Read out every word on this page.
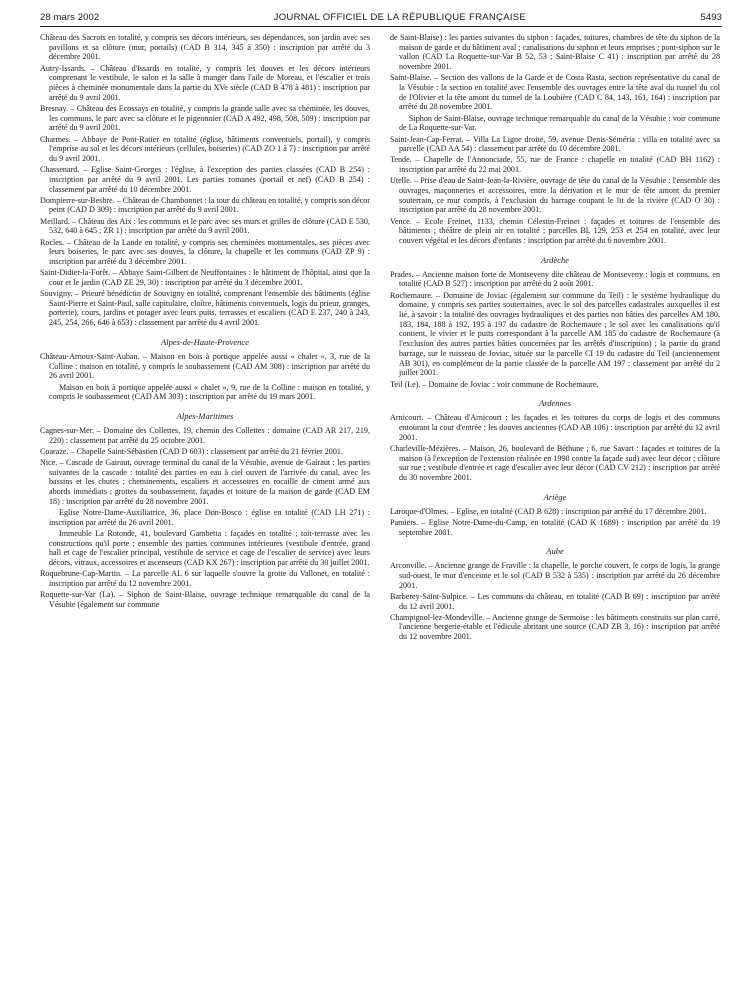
28 mars 2002	JOURNAL OFFICIEL DE LA RÉPUBLIQUE FRANÇAISE	5493

Château des Sacrots en totalité, y compris ses décors intérieurs, ses dépendances, son jardin avec ses pavillons et sa clôture (mur, portails) (CAD B 314, 345 à 350) : inscription par arrêté du 3 décembre 2001.

Autry-Issards. – Château d'Issards en totalité, y compris les douves et les décors intérieurs comprenant le vestibule, le salon et la salle à manger dans l'aile de Moreau, et l'escalier et trois pièces à cheminée monumentale dans la partie du XVe siècle (CAD B 478 à 481) : inscription par arrêté du 9 avril 2001.

Bresnay. – Château des Ecossays en totalité, y compris la grande salle avec sa cheminée, les douves, les communs, le parc avec sa clôture et le pigeonnier (CAD A 492, 498, 508, 509) : inscription par arrêté du 9 avril 2001.

Charmes. – Abbaye de Pont-Ratier en totalité (église, bâtiments conventuels, portail), y compris l'emprise au sol et les décors intérieurs (cellules, boiseries) (CAD ZO 1 à 7) : inscription par arrêté du 9 avril 2001.

Chassenard. – Eglise Saint-Georges : l'église, à l'exception des parties classées (CAD B 254) : inscription par arrêté du 9 avril 2001. Les parties romanes (portail et nef) (CAD B 254) : classement par arrêté du 10 décembre 2001.

Dompierre-sur-Besbre. – Château de Chambonnet : la tour du château en totalité, y compris son décor peint (CAD D 309) : inscription par arrêté du 9 avril 2001.

Meillard. – Château des Aix : les communs et le parc avec ses murs et grilles de clôture (CAD E 530, 532, 640 à 645 ; ZR 1) : inscription par arrêté du 9 avril 2001.

Rocles. – Château de la Lande en totalité, y compris ses cheminées monumentales, ses pièces avec leurs boiseries, le parc avec ses douves, la clôture, la chapelle et les communs (CAD ZP 9) : inscription par arrêté du 3 décembre 2001.

Saint-Didier-la-Forêt. – Abbaye Saint-Gilbert de Neuffontaines : le bâtiment de l'hôpital, ainsi que la cour et le jardin (CAD ZE 29, 30) : inscription par arrêté du 3 décembre 2001.

Souvigny. – Prieuré bénédictin de Souvigny en totalité, comprenant l'ensemble des bâtiments (église Saint-Pierre et Saint-Paul, salle capitulaire, cloître, bâtiments conventuels, logis du prieur, granges, porterie), cours, jardins et potager avec leurs puits, terrasses et escaliers (CAD E 237, 240 à 243, 245, 254, 266, 646 à 653) : classement par arrêté du 4 avril 2001.

Alpes-de-Haute-Provence

Château-Arnoux-Saint-Auban. – Maison en bois à portique appelée aussi « chalet », 3, rue de la Colline : maison en totalité, y compris le soubassement (CAD AM 308) : inscription par arrêté du 26 avril 2001.

Maison en bois à portique appelée aussi « chalet », 9, rue de la Colline : maison en totalité, y compris le soubassement (CAD AM 303) : inscription par arrêté du 19 mars 2001.

Alpes-Maritimes

Cagnes-sur-Mer. – Domaine des Collettes, 19, chemin des Collettes : domaine (CAD AR 217, 219, 220) : classement par arrêté du 25 octobre 2001.

Coaraze. – Chapelle Saint-Sébastien (CAD D 603) : classement par arrêté du 21 février 2001.

Nice. – Cascade de Gairaut, ouvrage terminal du canal de la Vésubie, avenue de Gairaut : les parties suivantes de la cascade : totalité des parties en eau à ciel ouvert de l'arrivée du canal, avec les bassins et les chutes ; cheminements, escaliers et accessoires en rocaille de ciment armé aux abords immédiats ; grottes du soubassement, façades et toiture de la maison de garde (CAD EM 18) : inscription par arrêté du 28 novembre 2001.

Eglise Notre-Dame-Auxiliatrice, 36, place Don-Bosco : église en totalité (CAD LH 271) : inscription par arrêté du 26 avril 2001.

Immeuble La Rotonde, 41, boulevard Gambetta : façades en totalité ; toit-terrasse avec les constructions qu'il porte ; ensemble des parties communes intérieures (vestibule d'entrée, grand hall et cage de l'escalier principal, vestibule de service et cage de l'escalier de service) avec leurs décors, vitraux, accessoires et ascenseurs (CAD KX 267) : inscription par arrêté du 30 juillet 2001.

Roquebrune-Cap-Martin. – La parcelle AL 6 sur laquelle s'ouvre la grotte du Vallonet, en totalité : inscription par arrêté du 12 novembre 2001.

Roquette-sur-Var (La). – Siphon de Saint-Blaise, ouvrage technique remarquable du canal de la Vésubie (également sur commune

de Saint-Blaise) : les parties suivantes du siphon : façades, toitures, chambres de tête du siphon de la maison de garde et du bâtiment aval ; canalisations du siphon et leurs emprises ; pont-siphon sur le vallon (CAD La Roquette-sur-Var B 52, 53 ; Saint-Blaise C 41) : inscription par arrêté du 28 novembre 2001.

Saint-Blaise. – Section des vallons de la Garde et de Costa Rasta, section représentative du canal de la Vésubie : la section en totalité avec l'ensemble des ouvrages entre la tête aval du tunnel du col de l'Olivier et la tête amont du tunnel de la Loubière (CAD C 84, 143, 161, 164) : inscription par arrêté du 28 novembre 2001.

Siphon de Saint-Blaise, ouvrage technique remarquable du canal de la Vésubie : voir commune de La Roquette-sur-Var.

Saint-Jean-Cap-Ferrat. – Villa La Ligne droite, 59, avenue Denis-Séméria : villa en totalité avec sa parcelle (CAD AA 54) : classement par arrêté du 10 décembre 2001.

Tende. – Chapelle de l'Annonciade, 55, rue de France : chapelle en totalité (CAD BH 1162) : inscription par arrêté du 22 mai 2001.

Utelle. – Prise d'eau de Saint-Jean-la-Rivière, ouvrage de tête du canal de la Vésubie : l'ensemble des ouvrages, maçonneries et accessoires, entre la dérivation et le mur de tête amont du premier souterrain, ce mur compris, à l'exclusion du barrage coupant le lit de la rivière (CAD O 30) : inscription par arrêté du 28 novembre 2001.

Vence. – Ecole Freinet, 1133, chemin Célestin-Freinet : façades et toitures de l'ensemble des bâtiments ; théâtre de plein air en totalité ; parcelles BL 129, 253 et 254 en totalité, avec leur couvert végétal et les décors d'enfants : inscription par arrêté du 6 novembre 2001.

Ardèche

Prades. – Ancienne maison forte de Montseveny dite château de Montseveny : logis et communs, en totalité (CAD B 527) : inscription par arrêté du 2 août 2001.

Rochemaure. – Domaine de Joviac (également sur commune du Teil) : le système hydraulique du domaine, y compris ses parties souterraines, avec le sol des parcelles cadastrales auxquelles il est lié, à savoir : la totalité des ouvrages hydrauliques et des parties non bâties des parcelles AM 180, 183, 184, 188 à 192, 195 à 197 du cadastre de Rochemaure ; le sol avec les canalisations qu'il contient, le vivier et le puits correspondant à la parcelle AM 185 du cadastre de Rochemaure (à l'exclusion des autres parties bâties concernées par les arrêtés d'inscription) ; la partie du grand barrage, sur le ruisseau de Joviac, située sur la parcelle CI 19 du cadastre du Teil (anciennement AB 301), en complément de la partie classée de la parcelle AM 197 : classement par arrêté du 2 juillet 2001.

Teil (Le). – Domaine de Joviac : voir commune de Rochemaure.

Ardennes

Arnicourt. – Château d'Arnicourt : les façades et les toitures du corps de logis et des communs entourant la cour d'entrée ; les douves anciennes (CAD AB 106) : inscription par arrêté du 12 avril 2001.

Charleville-Mézières. – Maison, 26, boulevard de Béthune ; 6, rue Savart : façades et toitures de la maison (à l'exception de l'extension réalisée en 1998 contre la façade sud) avec leur décor ; clôture sur rue ; vestibule d'entrée et cage d'escalier avec leur décor (CAD CV 212) : inscription par arrêté du 30 novembre 2001.

Ariège

Laroque-d'Olmes. – Eglise, en totalité (CAD B 628) : inscription par arrêté du 17 décembre 2001.

Pamiers. – Eglise Notre-Dame-du-Camp, en totalité (CAD K 1689) : inscription par arrêté du 19 septembre 2001.

Aube

Arconville. – Ancienne grange de Fraville : la chapelle, le porche couvert, le corps de logis, la grange sud-ouest, le mur d'enceinte et le sol (CAD B 532 à 535) : inscription par arrêté du 26 décembre 2001.

Barberey-Saint-Sulpice. – Les communs du château, en totalité (CAD B 69) : inscription par arrêté du 12 avril 2001.

Champignol-lez-Mondeville. – Ancienne grange de Sermoise : les bâtiments construits sur plan carré, l'ancienne bergerie-étable et l'édicule abritant une source (CAD ZB 3, 16) : inscription par arrêté du 12 novembre 2001.
